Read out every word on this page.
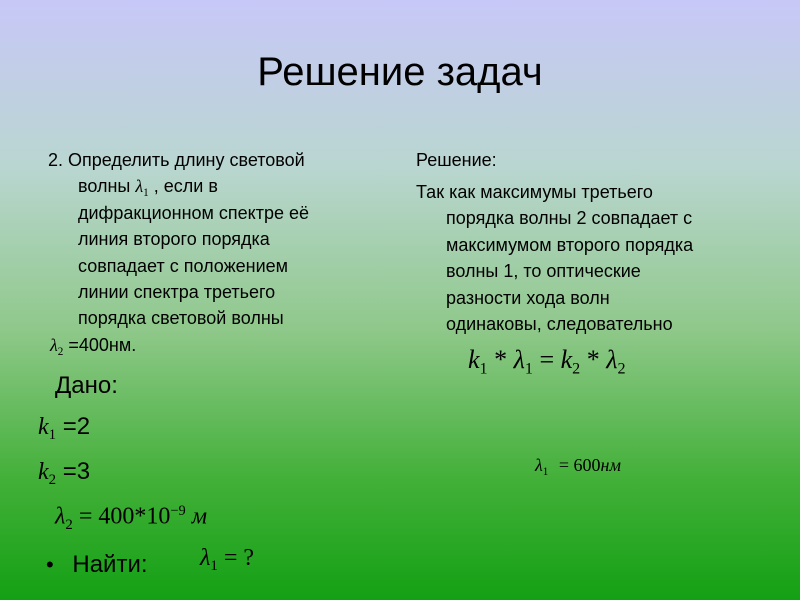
Решение задач
2. Определить длину световой
волны $\lambda_1$ , если в
дифракционном спектре её
линия второго порядка
совпадает с положением
линии спектра третьего
порядка световой волны
$\lambda_2 =400нм$.
Дано:
$k_1 =2$
$k_2 =3$
$\lambda_2 = 400*10^{-9}$ м
• Найти: $\lambda_1$ = ?
Решение:
Так как максимумы третьего
порядка волны 2 совпадает с
максимумом второго порядка
волны 1, то оптические
разности хода волн
одинаковы, следовательно
$k_1 * \lambda_1 = k_2 * \lambda_2$
$\lambda_1 = 600нм$
